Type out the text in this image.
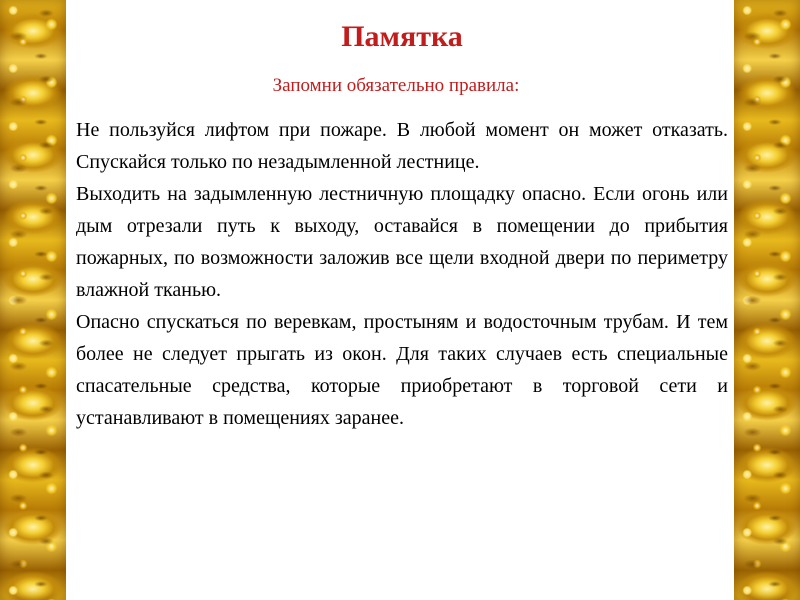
Памятка

Запомни обязательно правила:

Не пользуйся лифтом при пожаре. В любой момент он может отказать. Спускайся только по незадымленной лестнице.

Выходить на задымленную лестничную площадку опасно. Если огонь или дым отрезали путь к выходу, оставайся в помещении до прибытия пожарных, по возможности заложив все щели входной двери по периметру влажной тканью.

Опасно спускаться по веревкам, простыням и водосточным трубам. И тем более не следует прыгать из окон. Для таких случаев есть специальные спасательные средства, которые приобретают в торговой сети и устанавливают в помещениях заранее.
